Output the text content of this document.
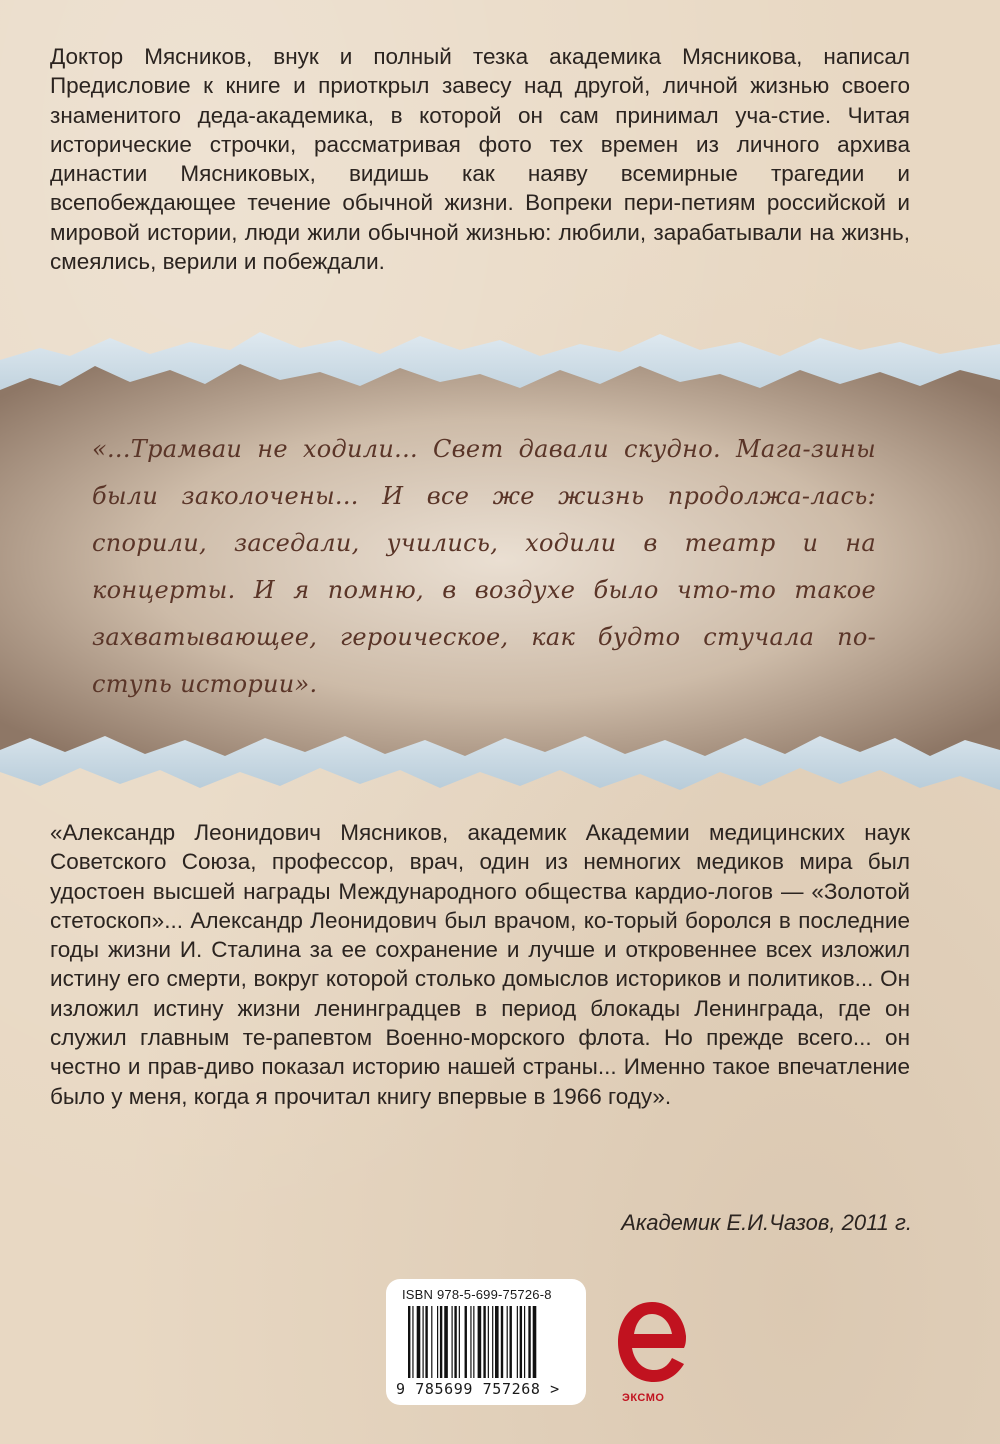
Доктор Мясников, внук и полный тезка академика Мясникова, написал Предисловие к книге и приоткрыл завесу над другой, личной жизнью своего знаменитого деда-академика, в которой он сам принимал уча-стие. Читая исторические строчки, рассматривая фото тех времен из личного архива династии Мясниковых, видишь как наяву всемирные трагедии и всепобеждающее течение обычной жизни. Вопреки пери-петиям российской и мировой истории, люди жили обычной жизнью: любили, зарабатывали на жизнь, смеялись, верили и побеждали.
«...Трамваи не ходили... Свет давали скудно. Мага-зины были заколочены... И все же жизнь продолжа-лась: спорили, заседали, учились, ходили в театр и на концерты. И я помню, в воздухе было что-то такое захватывающее, героическое, как будто стучала по-ступь истории».
«Александр Леонидович Мясников, академик Академии медицинских наук Советского Союза, профессор, врач, один из немногих медиков мира был удостоен высшей награды Международного общества кардио-логов — «Золотой стетоскоп»... Александр Леонидович был врачом, ко-торый боролся в последние годы жизни И. Сталина за ее сохранение и лучше и откровеннее всех изложил истину его смерти, вокруг которой столько домыслов историков и политиков... Он изложил истину жизни ленинградцев в период блокады Ленинграда, где он служил главным те-рапевтом Военно-морского флота. Но прежде всего... он честно и прав-диво показал историю нашей страны... Именно такое впечатление было у меня, когда я прочитал книгу впервые в 1966 году».
Академик Е.И.Чазов, 2011 г.
ISBN 978-5-699-75726-8
9 785699 757268 >	ЭКСМО
